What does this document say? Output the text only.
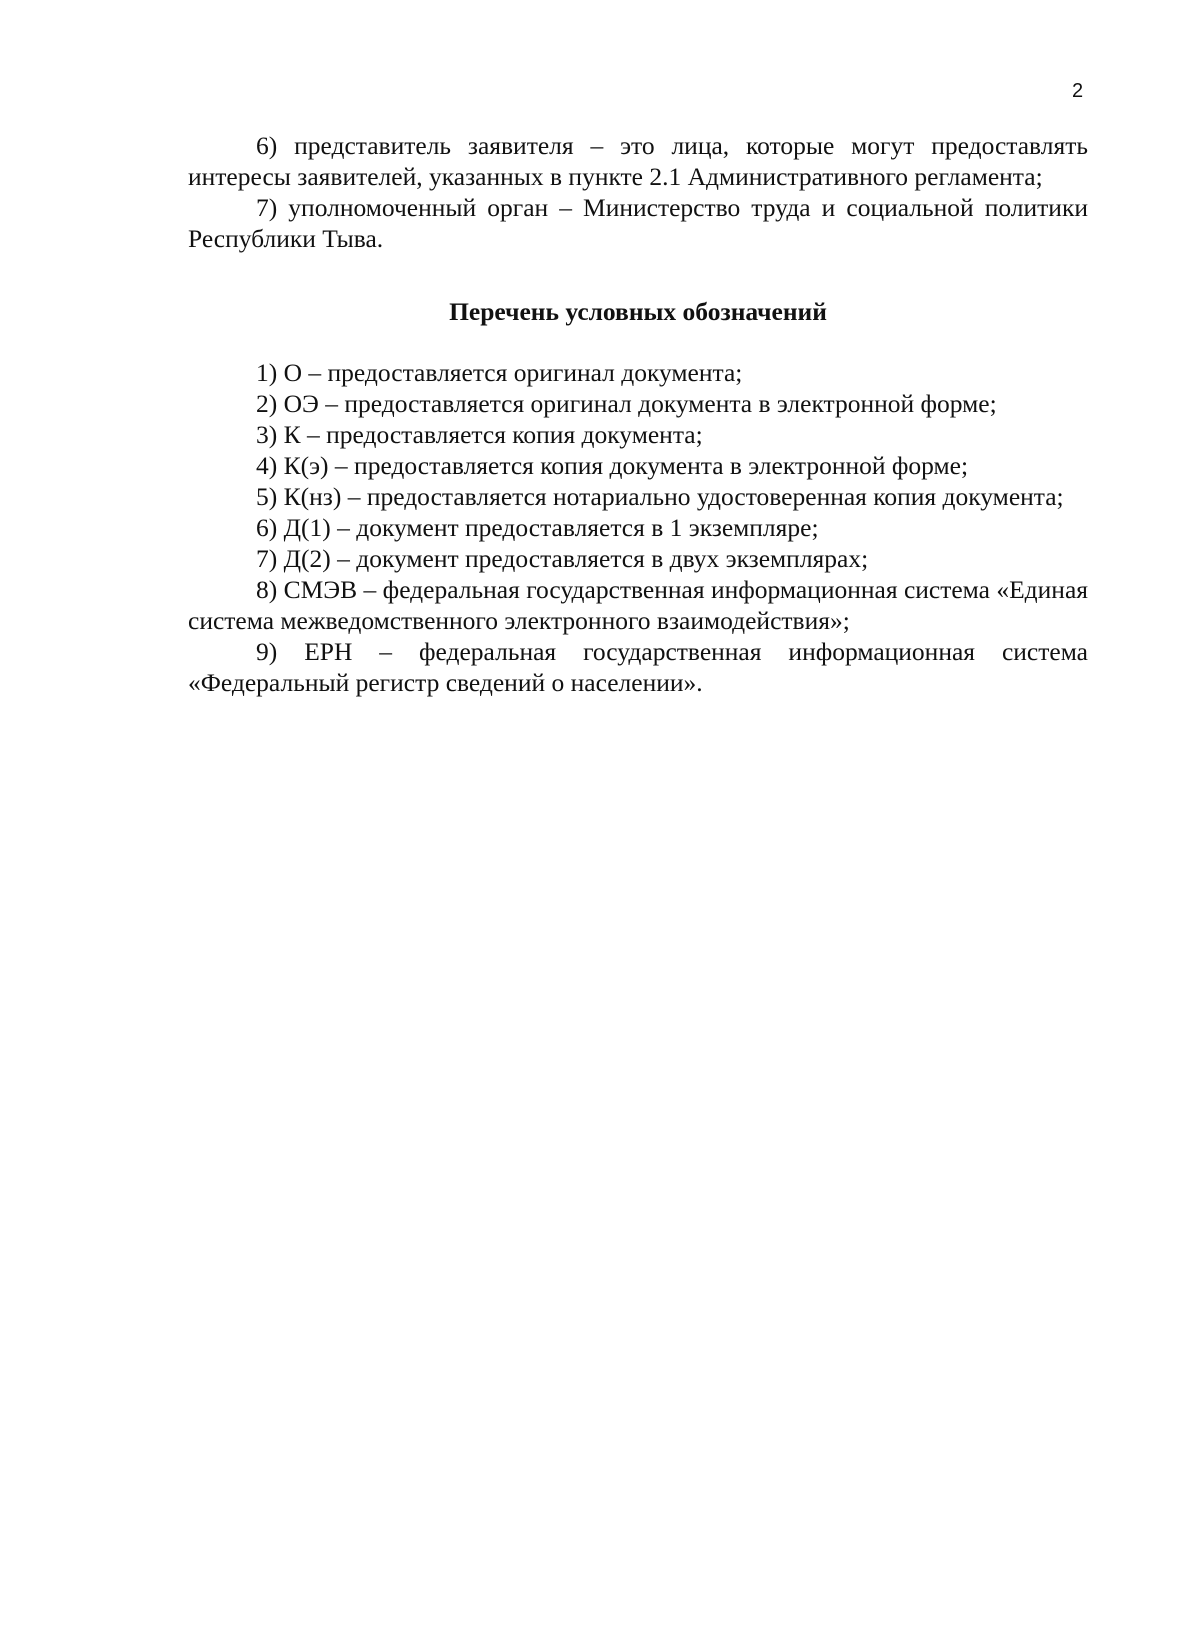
2

6) представитель заявителя – это лица, которые могут предоставлять интересы заявителей, указанных в пункте 2.1 Административного регламента;

7) уполномоченный орган – Министерство труда и социальной политики Республики Тыва.

Перечень условных обозначений

1) О – предоставляется оригинал документа;

2) ОЭ – предоставляется оригинал документа в электронной форме;

3) К – предоставляется копия документа;

4) К(э) – предоставляется копия документа в электронной форме;

5) К(нз) – предоставляется нотариально удостоверенная копия документа;

6) Д(1) – документ предоставляется в 1 экземпляре;

7) Д(2) – документ предоставляется в двух экземплярах;

8) СМЭВ – федеральная государственная информационная система «Единая система межведомственного электронного взаимодействия»;

9) ЕРН – федеральная государственная информационная система «Федеральный регистр сведений о населении».
